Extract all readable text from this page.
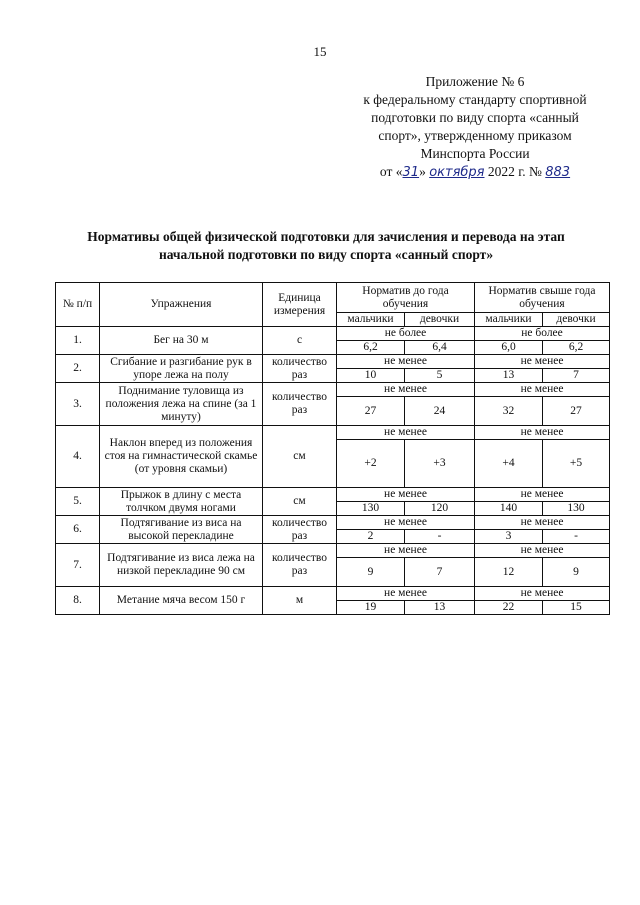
15
Приложение № 6
к федеральному стандарту спортивной
подготовки по виду спорта «санный
спорт», утвержденному приказом
Минспорта России
от «31» октября 2022 г. № 883
Нормативы общей физической подготовки для зачисления и перевода на этап
начальной подготовки по виду спорта «санный спорт»
№ п/п	Упражнения	Единица измерения	Норматив до года обучения		Норматив свыше года обучения	
			мальчики	девочки	мальчики	девочки
1.	Бег на 30 м	с	не более		не более	
			6,2	6,4	6,0	6,2
2.	Сгибание и разгибание рук в упоре лежа на полу	количество раз	не менее		не менее	
			10	5	13	7
3.	Поднимание туловища из положения лежа на спине (за 1 минуту)	количество раз	не менее		не менее	
			27	24	32	27
4.	Наклон вперед из положения стоя на гимнастической скамье (от уровня скамьи)	см	не менее		не менее	
			+2	+3	+4	+5
5.	Прыжок в длину с места толчком двумя ногами	см	не менее		не менее	
			130	120	140	130
6.	Подтягивание из виса на высокой перекладине	количество раз	не менее		не менее	
			2	-	3	-
7.	Подтягивание из виса лежа на низкой перекладине 90 см	количество раз	не менее		не менее	
			9	7	12	9
8.	Метание мяча весом 150 г	м	не менее		не менее	
			19	13	22	15
